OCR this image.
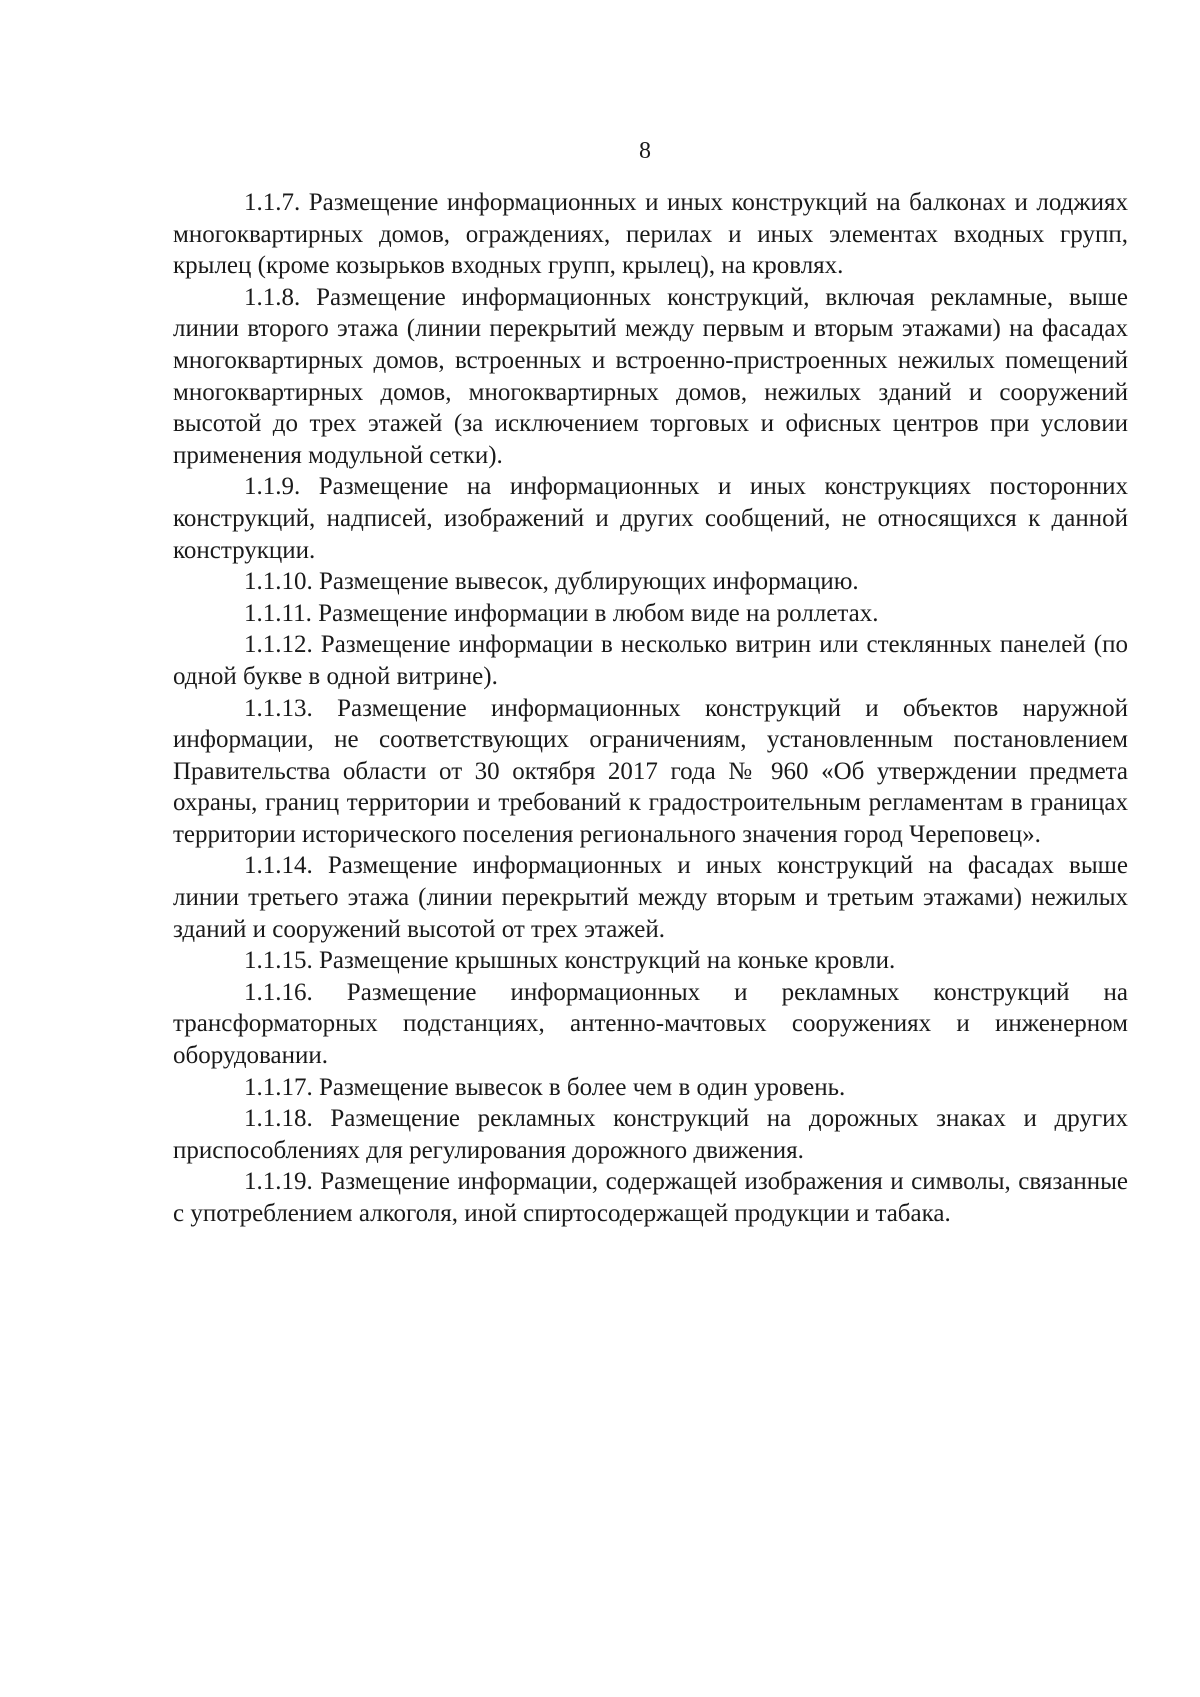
8

1.1.7. Размещение информационных и иных конструкций на балконах и лоджиях многоквартирных домов, ограждениях, перилах и иных элементах входных групп, крылец (кроме козырьков входных групп, крылец), на кровлях.

1.1.8. Размещение информационных конструкций, включая рекламные, выше линии второго этажа (линии перекрытий между первым и вторым этажами) на фасадах многоквартирных домов, встроенных и встроенно-пристроенных нежилых помещений многоквартирных домов, многоквартирных домов, нежилых зданий и сооружений высотой до трех этажей (за исключением торговых и офисных центров при условии применения модульной сетки).

1.1.9. Размещение на информационных и иных конструкциях посторонних конструкций, надписей, изображений и других сообщений, не относящихся к данной конструкции.

1.1.10. Размещение вывесок, дублирующих информацию.

1.1.11. Размещение информации в любом виде на роллетах.

1.1.12. Размещение информации в несколько витрин или стеклянных панелей (по одной букве в одной витрине).

1.1.13. Размещение информационных конструкций и объектов наружной информации, не соответствующих ограничениям, установленным постановлением Правительства области от 30 октября 2017 года № 960 «Об утверждении предмета охраны, границ территории и требований к градостроительным регламентам в границах территории исторического поселения регионального значения город Череповец».

1.1.14. Размещение информационных и иных конструкций на фасадах выше линии третьего этажа (линии перекрытий между вторым и третьим этажами) нежилых зданий и сооружений высотой от трех этажей.

1.1.15. Размещение крышных конструкций на коньке кровли.

1.1.16. Размещение информационных и рекламных конструкций на трансформаторных подстанциях, антенно-мачтовых сооружениях и инженерном оборудовании.

1.1.17. Размещение вывесок в более чем в один уровень.

1.1.18. Размещение рекламных конструкций на дорожных знаках и других приспособлениях для регулирования дорожного движения.

1.1.19. Размещение информации, содержащей изображения и символы, связанные с употреблением алкоголя, иной спиртосодержащей продукции и табака.
